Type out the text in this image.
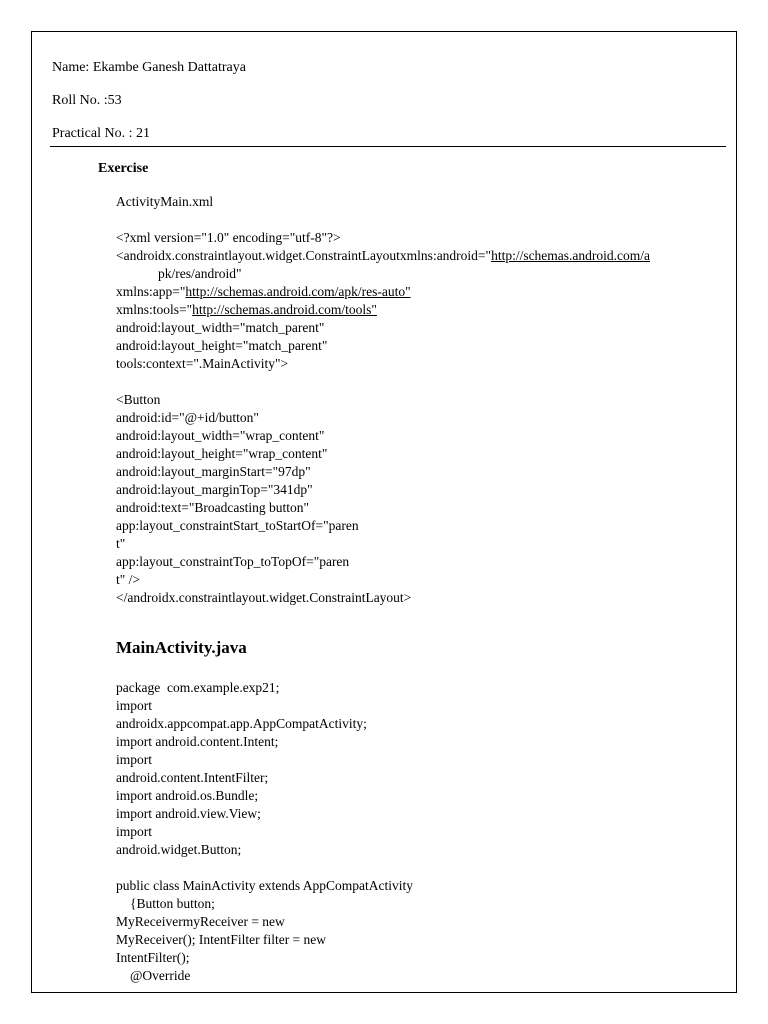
Name: Ekambe Ganesh Dattatraya
Roll No. :53
Practical No. : 21
Exercise
ActivityMain.xml
<?xml version="1.0" encoding="utf-8"?>
<androidx.constraintlayout.widget.ConstraintLayoutxmlns:android="http://schemas.android.com/a
pk/res/android"
xmlns:app="http://schemas.android.com/apk/res-auto"
xmlns:tools="http://schemas.android.com/tools"
android:layout_width="match_parent"
android:layout_height="match_parent"
tools:context=".MainActivity">
<Button
android:id="@+id/button"
android:layout_width="wrap_content"
android:layout_height="wrap_content"
android:layout_marginStart="97dp"
android:layout_marginTop="341dp"
android:text="Broadcasting button"
app:layout_constraintStart_toStartOf="paren
t"
app:layout_constraintTop_toTopOf="paren
t" />
</androidx.constraintlayout.widget.ConstraintLayout>
MainActivity.java
package  com.example.exp21;
import
androidx.appcompat.app.AppCompatActivity;
import android.content.Intent;
import
android.content.IntentFilter;
import android.os.Bundle;
import android.view.View;
import
android.widget.Button;
public class MainActivity extends AppCompatActivity
{Button button;
MyReceivermyReceiver = new
MyReceiver(); IntentFilter filter = new
IntentFilter();
@Override
